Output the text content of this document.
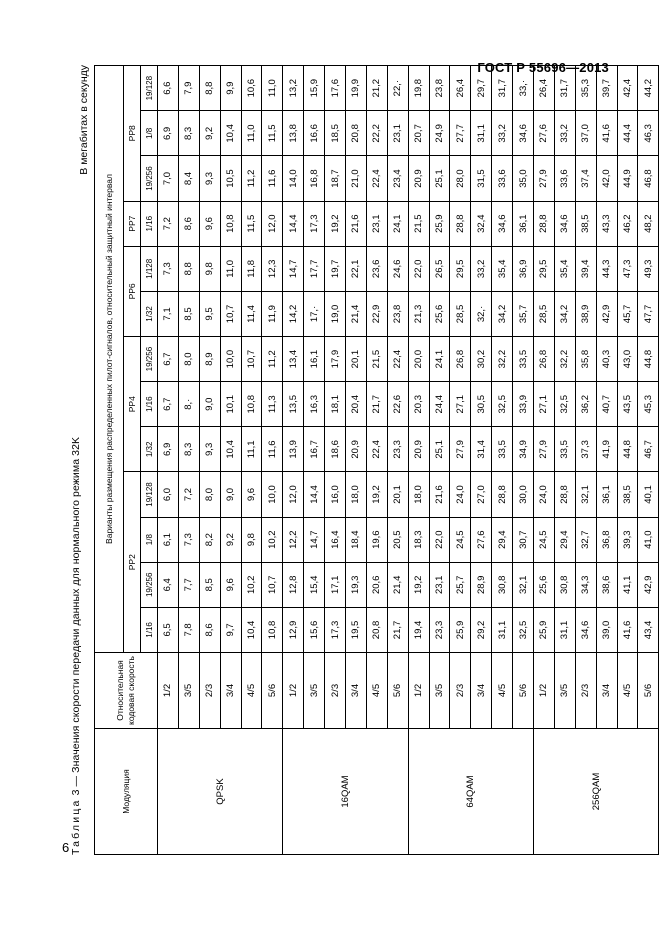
ГОСТ Р 55696—2013
6 Таблица 3 — Значения скорости передачи данных для нормального режима 32K
В мегабитах в секунду
Модуляция	Относительная кодовая скорость	Варианты размещения распределенных пилот-сигналов, относительный защитный интервал												
		PP2				PP4			PP6		PP7	PP8		
		1/16	19/256	1/8	19/128	1/32	1/16	19/256	1/32	1/128	1/16	19/256	1/8	19/128
QPSK	1/2	6,5	6,4	6,1	6,0	6,9	6,7	6,7	7,1	7,3	7,2	7,0	6,9	6,6
	3/5	7,8	7,7	7,3	7,2	8,3	8,·	8,0	8,5	8,8	8,6	8,4	8,3	7,9
	2/3	8,6	8,5	8,2	8,0	9,3	9,0	8,9	9,5	9,8	9,6	9,3	9,2	8,8
	3/4	9,7	9,6	9,2	9,0	10,4	10,1	10,0	10,7	11,0	10,8	10,5	10,4	9,9
	4/5	10,4	10,2	9,8	9,6	11,1	10,8	10,7	11,4	11,8	11,5	11,2	11,0	10,6
	5/6	10,8	10,7	10,2	10,0	11,6	11,3	11,2	11,9	12,3	12,0	11,6	11,5	11,0
16QAM	1/2	12,9	12,8	12,2	12,0	13,9	13,5	13,4	14,2	14,7	14,4	14,0	13,8	13,2
	3/5	15,6	15,4	14,7	14,4	16,7	16,3	16,1	17,·	17,7	17,3	16,8	16,6	15,9
	2/3	17,3	17,1	16,4	16,0	18,6	18,1	17,9	19,0	19,7	19,2	18,7	18,5	17,6
	3/4	19,5	19,3	18,4	18,0	20,9	20,4	20,1	21,4	22,1	21,6	21,0	20,8	19,9
	4/5	20,8	20,6	19,6	19,2	22,4	21,7	21,5	22,9	23,6	23,1	22,4	22,2	21,2
	5/6	21,7	21,4	20,5	20,1	23,3	22,6	22,4	23,8	24,6	24,1	23,4	23,1	22,·
64QAM	1/2	19,4	19,2	18,3	18,0	20,9	20,3	20,0	21,3	22,0	21,5	20,9	20,7	19,8
	3/5	23,3	23,1	22,0	21,6	25,1	24,4	24,1	25,6	26,5	25,9	25,1	24,9	23,8
	2/3	25,9	25,7	24,5	24,0	27,9	27,1	26,8	28,5	29,5	28,8	28,0	27,7	26,4
	3/4	29,2	28,9	27,6	27,0	31,4	30,5	30,2	32,·	33,2	32,4	31,5	31,1	29,7
	4/5	31,1	30,8	29,4	28,8	33,5	32,5	32,2	34,2	35,4	34,6	33,6	33,2	31,7
	5/6	32,5	32,1	30,7	30,0	34,9	33,9	33,5	35,7	36,9	36,1	35,0	34,6	33,·
256QAM	1/2	25,9	25,6	24,5	24,0	27,9	27,1	26,8	28,5	29,5	28,8	27,9	27,6	26,4
	3/5	31,1	30,8	29,4	28,8	33,5	32,5	32,2	34,2	35,4	34,6	33,6	33,2	31,7
	2/3	34,6	34,3	32,7	32,1	37,3	36,2	35,8	38,9	39,4	38,5	37,4	37,0	35,3
	3/4	39,0	38,6	36,8	36,1	41,9	40,7	40,3	42,9	44,3	43,3	42,0	41,6	39,7
	4/5	41,6	41,1	39,3	38,5	44,8	43,5	43,0	45,7	47,3	46,2	44,9	44,4	42,4
	5/6	43,4	42,9	41,0	40,1	46,7	45,3	44,8	47,7	49,3	48,2	46,8	46,3	44,2
